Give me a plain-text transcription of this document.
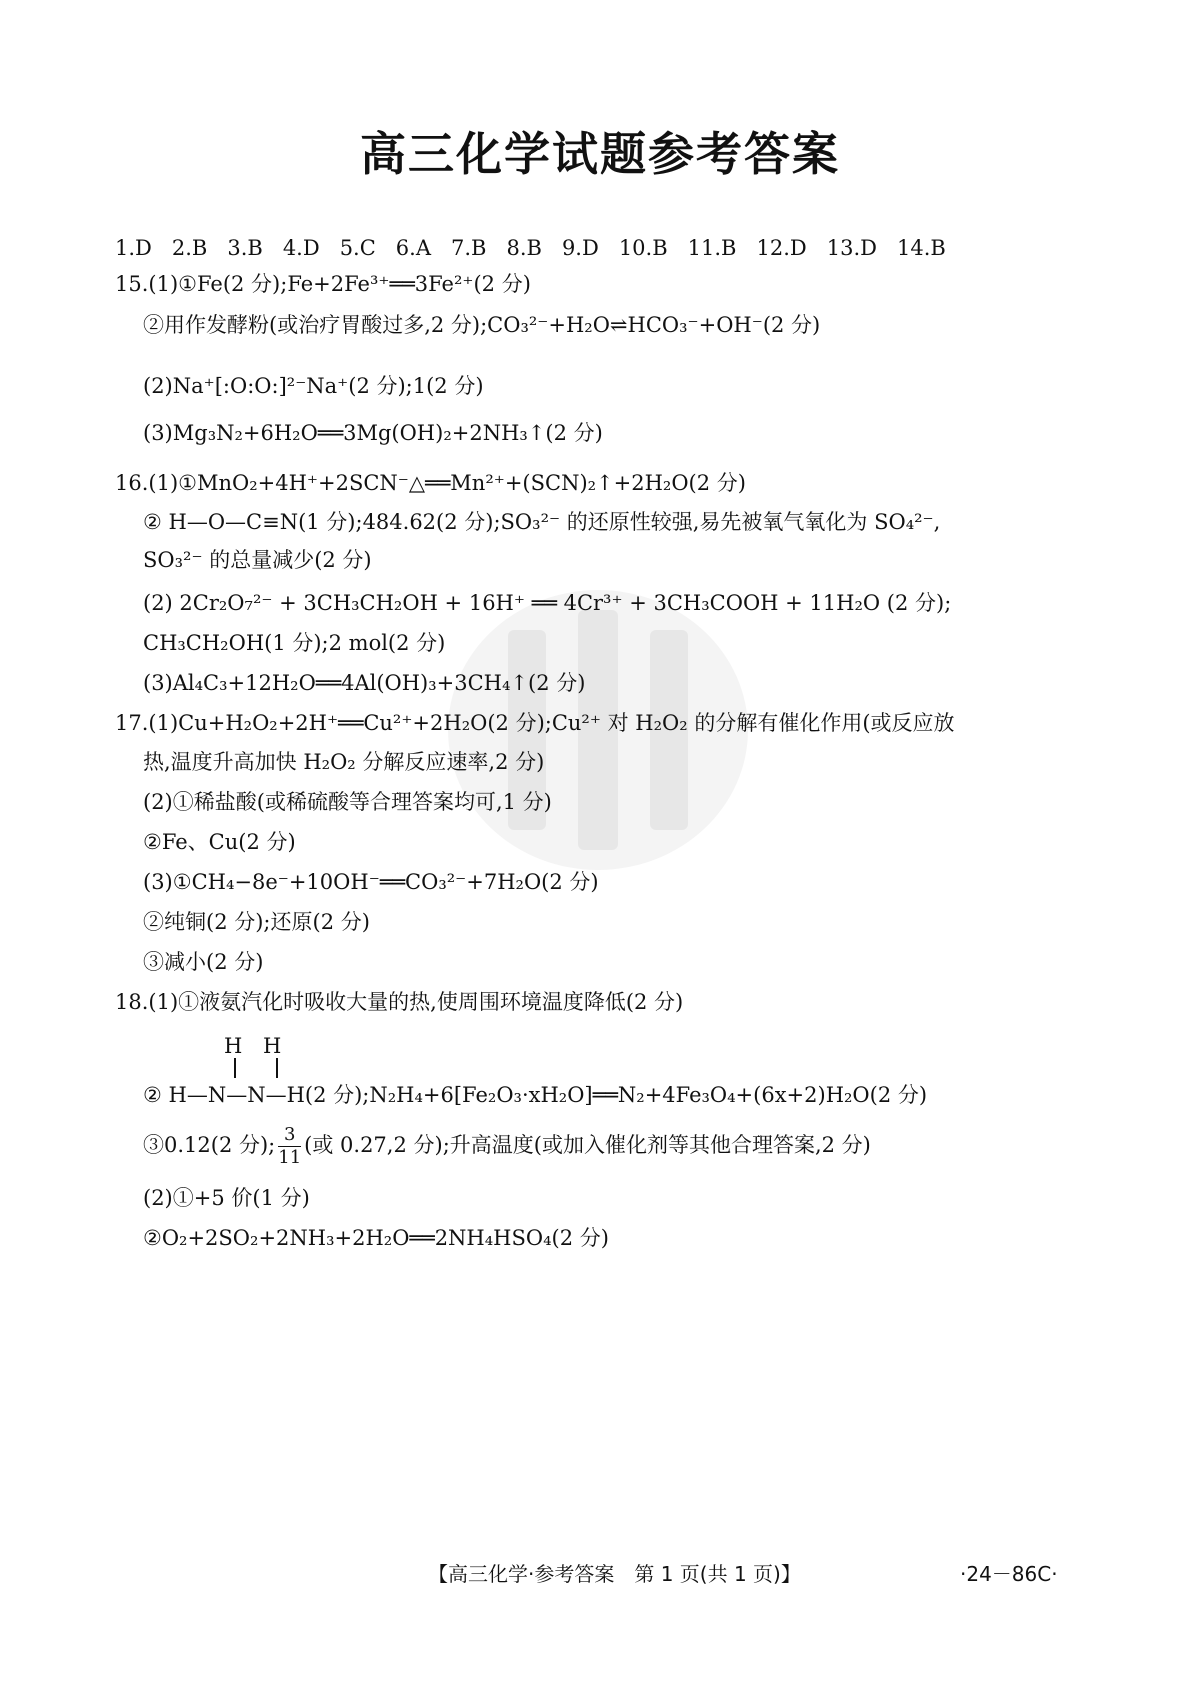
高三化学试题参考答案
1.D 2.B 3.B 4.D 5.C 6.A 7.B 8.B 9.D 10.B 11.B 12.D 13.D 14.B
15.(1)①Fe(2 分);Fe+2Fe³⁺══3Fe²⁺(2 分)
②用作发酵粉(或治疗胃酸过多,2 分);CO₃²⁻+H₂O⇌HCO₃⁻+OH⁻(2 分)
(2)Na⁺[:O:O:]²⁻Na⁺(2 分);1(2 分)
(3)Mg₃N₂+6H₂O══3Mg(OH)₂+2NH₃↑(2 分)
16.(1)①MnO₂+4H⁺+2SCN⁻△══Mn²⁺+(SCN)₂↑+2H₂O(2 分)
② H—O—C≡N(1 分);484.62(2 分);SO₃²⁻ 的还原性较强,易先被氧气氧化为 SO₄²⁻,
SO₃²⁻ 的总量减少(2 分)
(2) 2Cr₂O₇²⁻ + 3CH₃CH₂OH + 16H⁺ ══ 4Cr³⁺ + 3CH₃COOH + 11H₂O (2 分);
CH₃CH₂OH(1 分);2 mol(2 分)
(3)Al₄C₃+12H₂O══4Al(OH)₃+3CH₄↑(2 分)
17.(1)Cu+H₂O₂+2H⁺══Cu²⁺+2H₂O(2 分);Cu²⁺ 对 H₂O₂ 的分解有催化作用(或反应放
热,温度升高加快 H₂O₂ 分解反应速率,2 分)
(2)①稀盐酸(或稀硫酸等合理答案均可,1 分)
②Fe、Cu(2 分)
(3)①CH₄−8e⁻+10OH⁻══CO₃²⁻+7H₂O(2 分)
②纯铜(2 分);还原(2 分)
③减小(2 分)
18.(1)①液氨汽化时吸收大量的热,使周围环境温度降低(2 分)
H H
② H—N—N—H(2 分);N₂H₄+6[Fe₂O₃·xH₂O]══N₂+4Fe₃O₄+(6x+2)H₂O(2 分)
③0.12(2 分); $\frac{3}{11}$ (或 0.27,2 分);升高温度(或加入催化剂等其他合理答案,2 分)
(2)①+5 价(1 分)
②O₂+2SO₂+2NH₃+2H₂O══2NH₄HSO₄(2 分)
【高三化学·参考答案　第 1 页(共 1 页)】	·24－86C·
